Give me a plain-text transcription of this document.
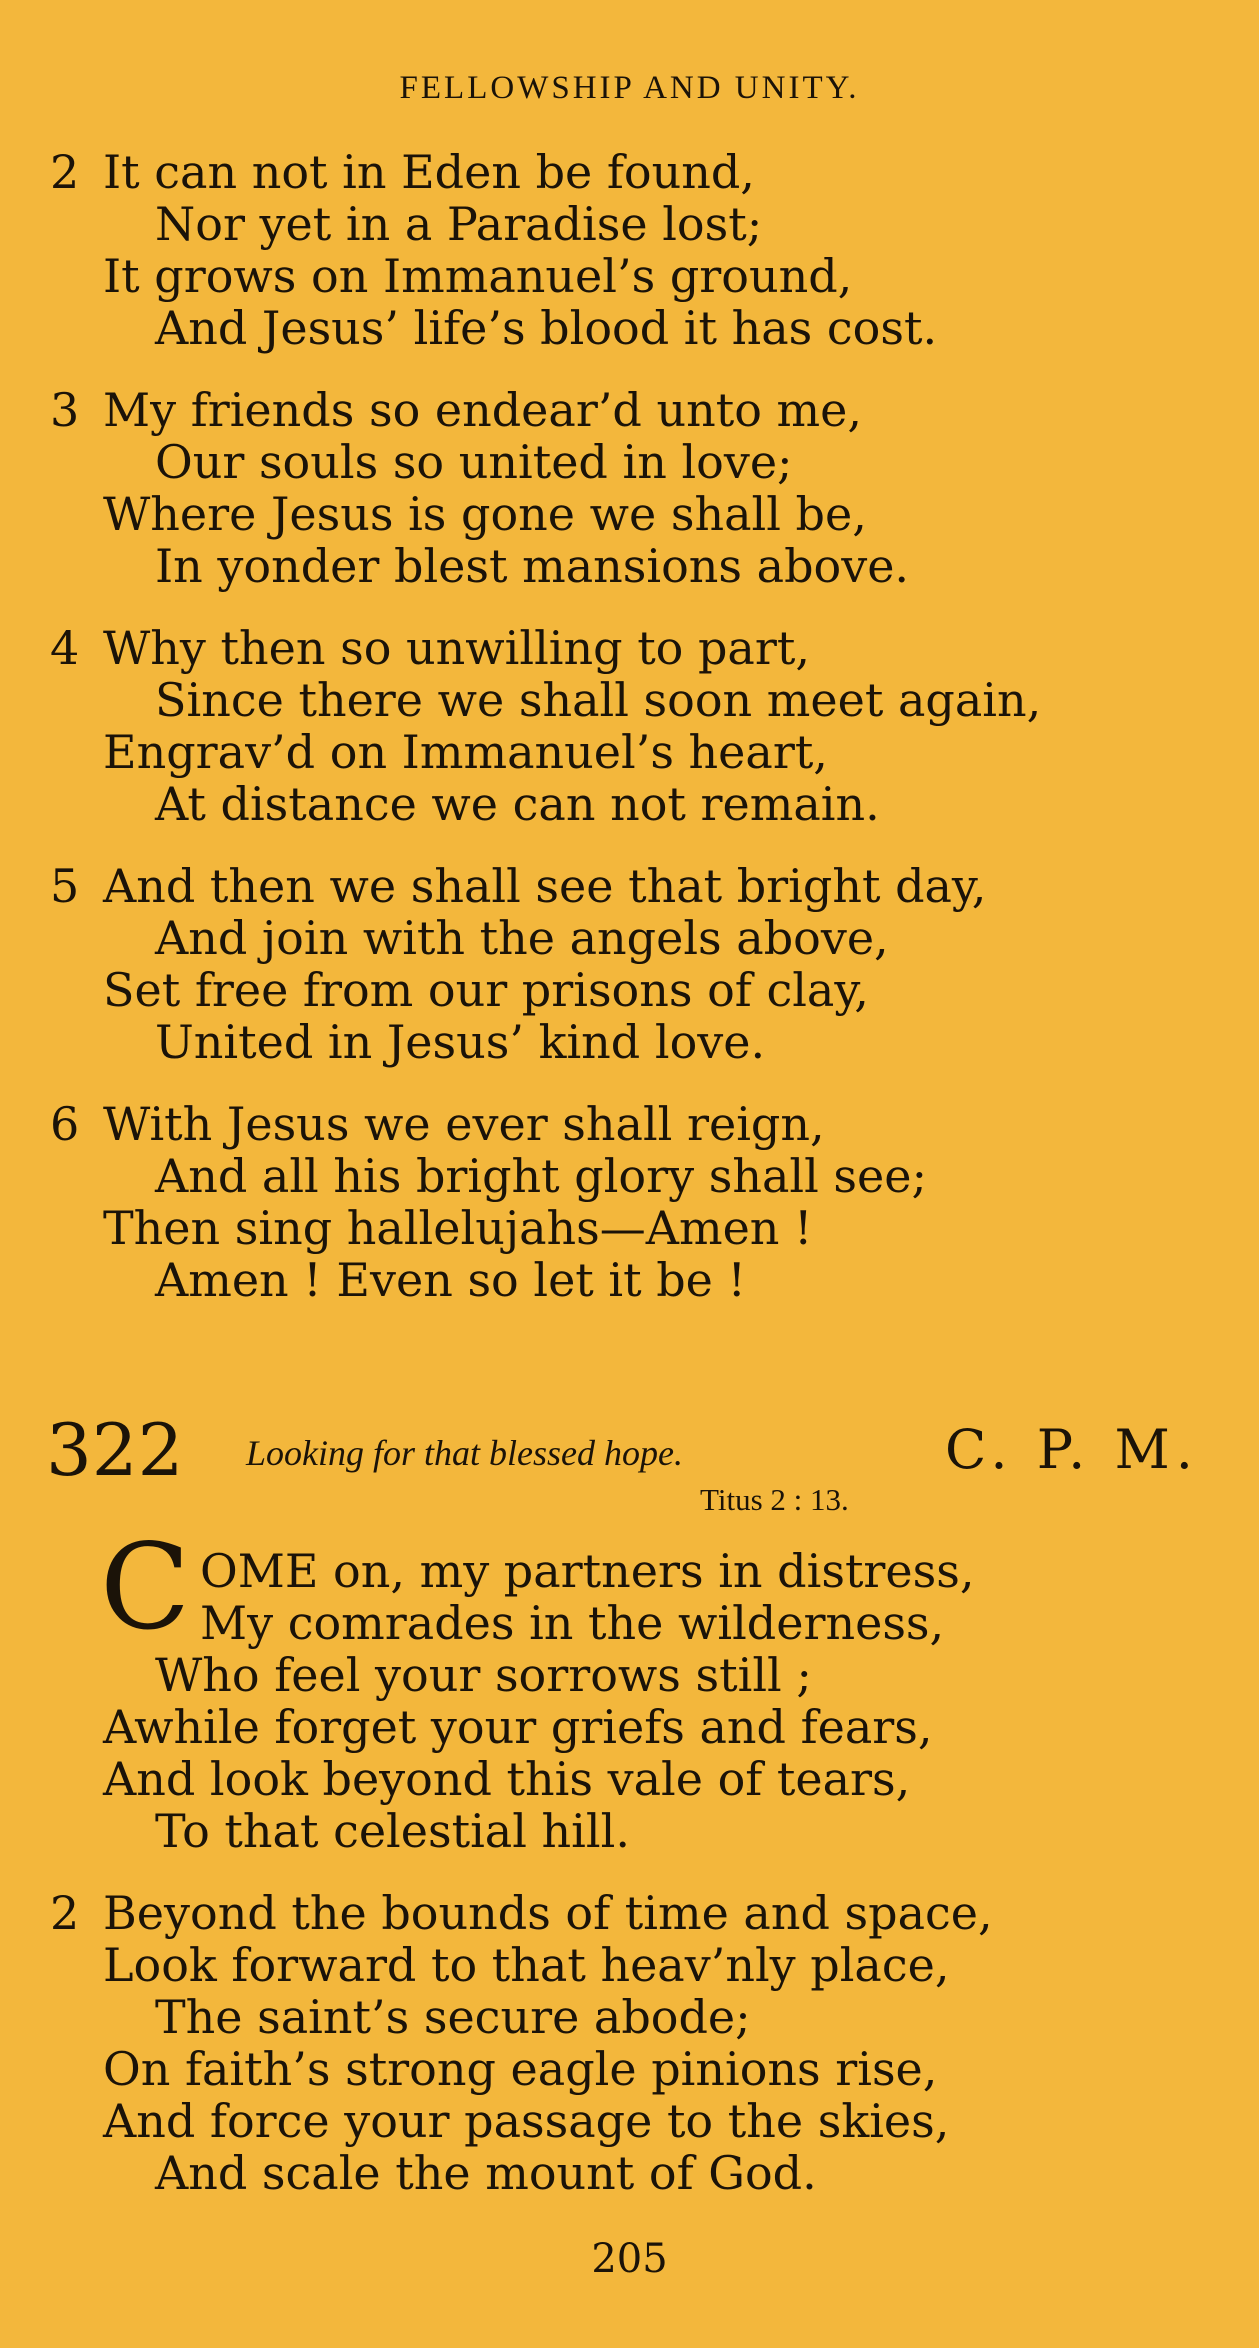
FELLOWSHIP AND UNITY.
2 It can not in Eden be found,
Nor yet in a Paradise lost;
It grows on Immanuel’s ground,
And Jesus’ life’s blood it has cost.
3 My friends so endear’d unto me,
Our souls so united in love;
Where Jesus is gone we shall be,
In yonder blest mansions above.
4 Why then so unwilling to part,
Since there we shall soon meet again,
Engrav’d on Immanuel’s heart,
At distance we can not remain.
5 And then we shall see that bright day,
And join with the angels above,
Set free from our prisons of clay,
United in Jesus’ kind love.
6 With Jesus we ever shall reign,
And all his bright glory shall see;
Then sing hallelujahs—Amen !
Amen ! Even so let it be !
322 Looking for that blessed hope.	C. P. M.
Titus 2 : 13.
C OME on, my partners in distress,
My comrades in the wilderness,
Who feel your sorrows still ;
Awhile forget your griefs and fears,
And look beyond this vale of tears,
To that celestial hill.
2 Beyond the bounds of time and space,
Look forward to that heav’nly place,
The saint’s secure abode;
On faith’s strong eagle pinions rise,
And force your passage to the skies,
And scale the mount of God.
205
